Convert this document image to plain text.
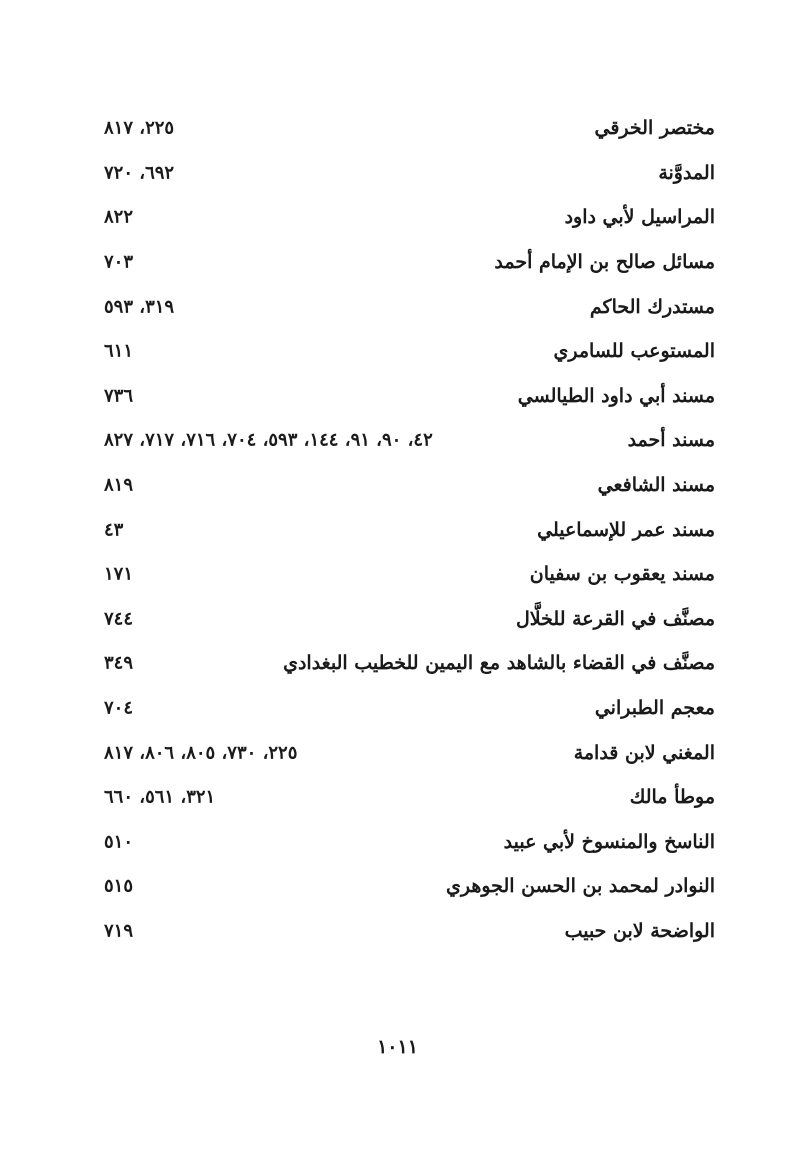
مختصر الخرقي
٢٢٥، ٨١٧
المدوَّنة
٦٩٢، ٧٢٠
المراسيل لأبي داود
٨٢٢
مسائل صالح بن الإمام أحمد
٧٠٣
مستدرك الحاكم
٣١٩، ٥٩٣
المستوعب للسامري
٦١١
مسند أبي داود الطيالسي
٧٣٦
مسند أحمد
٤٢، ٩٠، ٩١، ١٤٤، ٥٩٣، ٧٠٤، ٧١٦، ٧١٧، ٨٢٧
مسند الشافعي
٨١٩
مسند عمر للإسماعيلي
٤٣
مسند يعقوب بن سفيان
١٧١
مصنَّف في القرعة للخلَّال
٧٤٤
مصنَّف في القضاء بالشاهد مع اليمين للخطيب البغدادي
٣٤٩
معجم الطبراني
٧٠٤
المغني لابن قدامة
٢٢٥، ٧٣٠، ٨٠٥، ٨٠٦، ٨١٧
موطأ مالك
٣٢١، ٥٦١، ٦٦٠
الناسخ والمنسوخ لأبي عبيد
٥١٠
النوادر لمحمد بن الحسن الجوهري
٥١٥
الواضحة لابن حبيب
٧١٩
١٠١١
